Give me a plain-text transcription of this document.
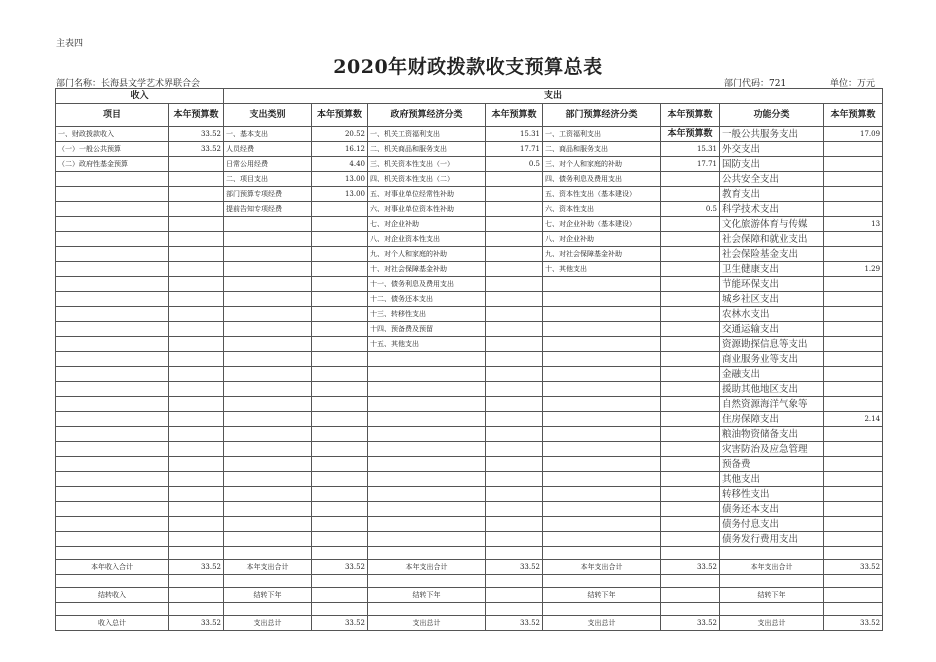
主表四
2020年财政拨款收支预算总表
部门名称：长海县文学艺术界联合会	部门代码：721	单位：万元
收入		支出							
项目	本年预算数	支出类别	本年预算数	政府预算经济分类	本年预算数	部门预算经济分类	本年预算数	功能分类	本年预算数
一、财政拨款收入	33.52	一、基本支出	20.52	一、机关工资福利支出	15.31	一、工资福利支出	本年预算数	一般公共服务支出	17.09
（一）一般公共预算	33.52	人员经费	16.12	二、机关商品和服务支出	17.71	二、商品和服务支出	15.31	外交支出	
（二）政府性基金预算		日常公用经费	4.40	三、机关资本性支出（一）	0.5	三、对个人和家庭的补助	17.71	国防支出	
		二、项目支出	13.00	四、机关资本性支出（二）		四、债务利息及费用支出		公共安全支出	
		部门预算专项经费	13.00	五、对事业单位经常性补助		五、资本性支出（基本建设）		教育支出	
		提前告知专项经费		六、对事业单位资本性补助		六、资本性支出	0.5	科学技术支出	
				七、对企业补助		七、对企业补助（基本建设）		文化旅游体育与传媒	13
				八、对企业资本性支出		八、对企业补助		社会保障和就业支出	
				九、对个人和家庭的补助		九、对社会保障基金补助		社会保险基金支出	
				十、对社会保障基金补助		十、其他支出		卫生健康支出	1.29
				十一、债务利息及费用支出				节能环保支出	
				十二、债务还本支出				城乡社区支出	
				十三、转移性支出				农林水支出	
				十四、预备费及预留				交通运输支出	
				十五、其他支出				资源勘探信息等支出	
								商业服务业等支出	
								金融支出	
								援助其他地区支出	
								自然资源海洋气象等	
								住房保障支出	2.14
								粮油物资储备支出	
								灾害防治及应急管理	
								预备费	
								其他支出	
								转移性支出	
								债务还本支出	
								债务付息支出	
								债务发行费用支出	

本年收入合计	33.52	本年支出合计	33.52	本年支出合计	33.52	本年支出合计	33.52	本年支出合计	33.52

结转收入		结转下年		结转下年		结转下年		结转下年	

收入总计	33.52	支出总计	33.52	支出总计	33.52	支出总计	33.52	支出总计	33.52
